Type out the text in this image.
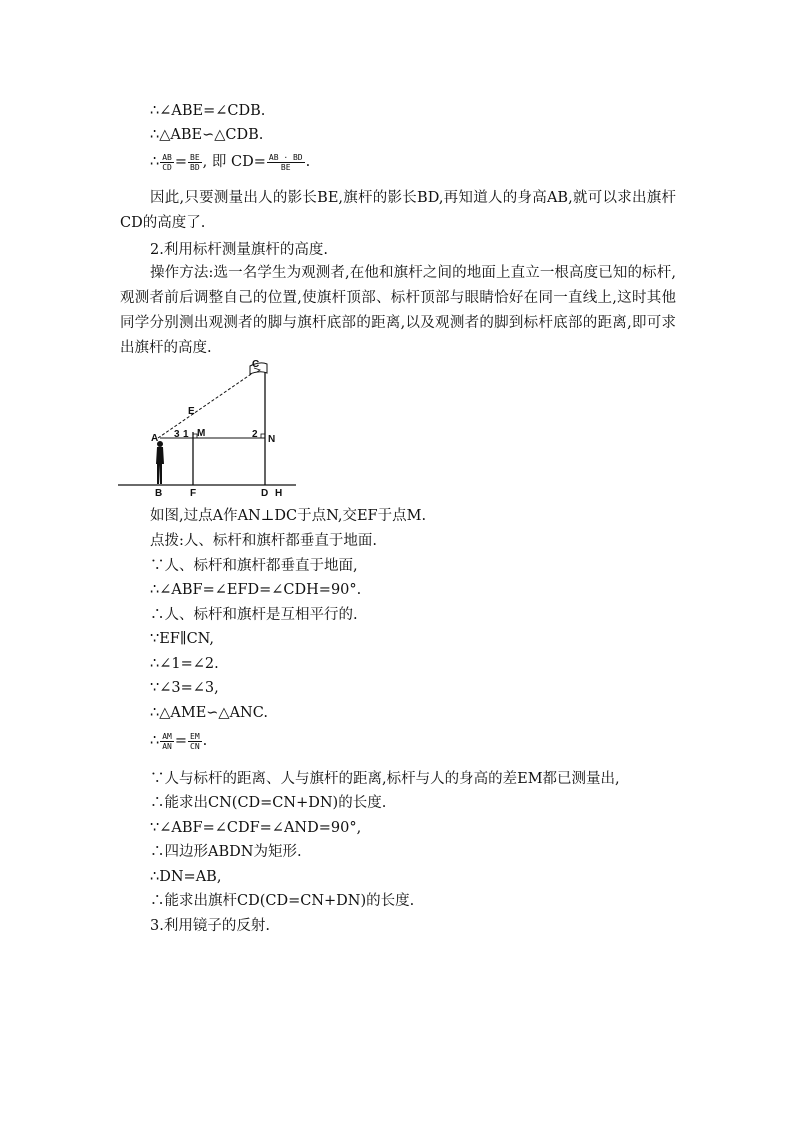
∴∠ABE=∠CDB.
∴△ABE∽△CDB.
∴ $\frac{AB}{CD} = \frac{BE}{BD}$ , 即 $CD= \frac{AB \cdot BD}{BE}$ .
因此,只要测量出人的影长BE,旗杆的影长BD,再知道人的身高AB,就可以求出旗杆CD的高度了.
2.利用标杆测量旗杆的高度.
操作方法:选一名学生为观测者,在他和旗杆之间的地面上直立一根高度已知的标杆,观测者前后调整自己的位置,使旗杆顶部、标杆顶部与眼睛恰好在同一直线上,这时其他同学分别测出观测者的脚与旗杆底部的距离,以及观测者的脚到标杆底部的距离,即可求出旗杆的高度.
C
E
A 3 1 M	2 N
B	F	D H
如图,过点A作AN⊥DC于点N,交EF于点M.
点拨:人、标杆和旗杆都垂直于地面.
∵人、标杆和旗杆都垂直于地面,
∴∠ABF=∠EFD=∠CDH=90°.
∴人、标杆和旗杆是互相平行的.
∵EF∥CN,
∴∠1=∠2.
∵∠3=∠3,
∴△AME∽△ANC.
∴ $\frac{AM}{AN} = \frac{EM}{CN}$ .
∵人与标杆的距离、人与旗杆的距离,标杆与人的身高的差EM都已测量出,
∴能求出CN(CD=CN+DN)的长度.
∵∠ABF=∠CDF=∠AND=90°,
∴四边形ABDN为矩形.
∴DN=AB,
∴能求出旗杆CD(CD=CN+DN)的长度.
3.利用镜子的反射.
